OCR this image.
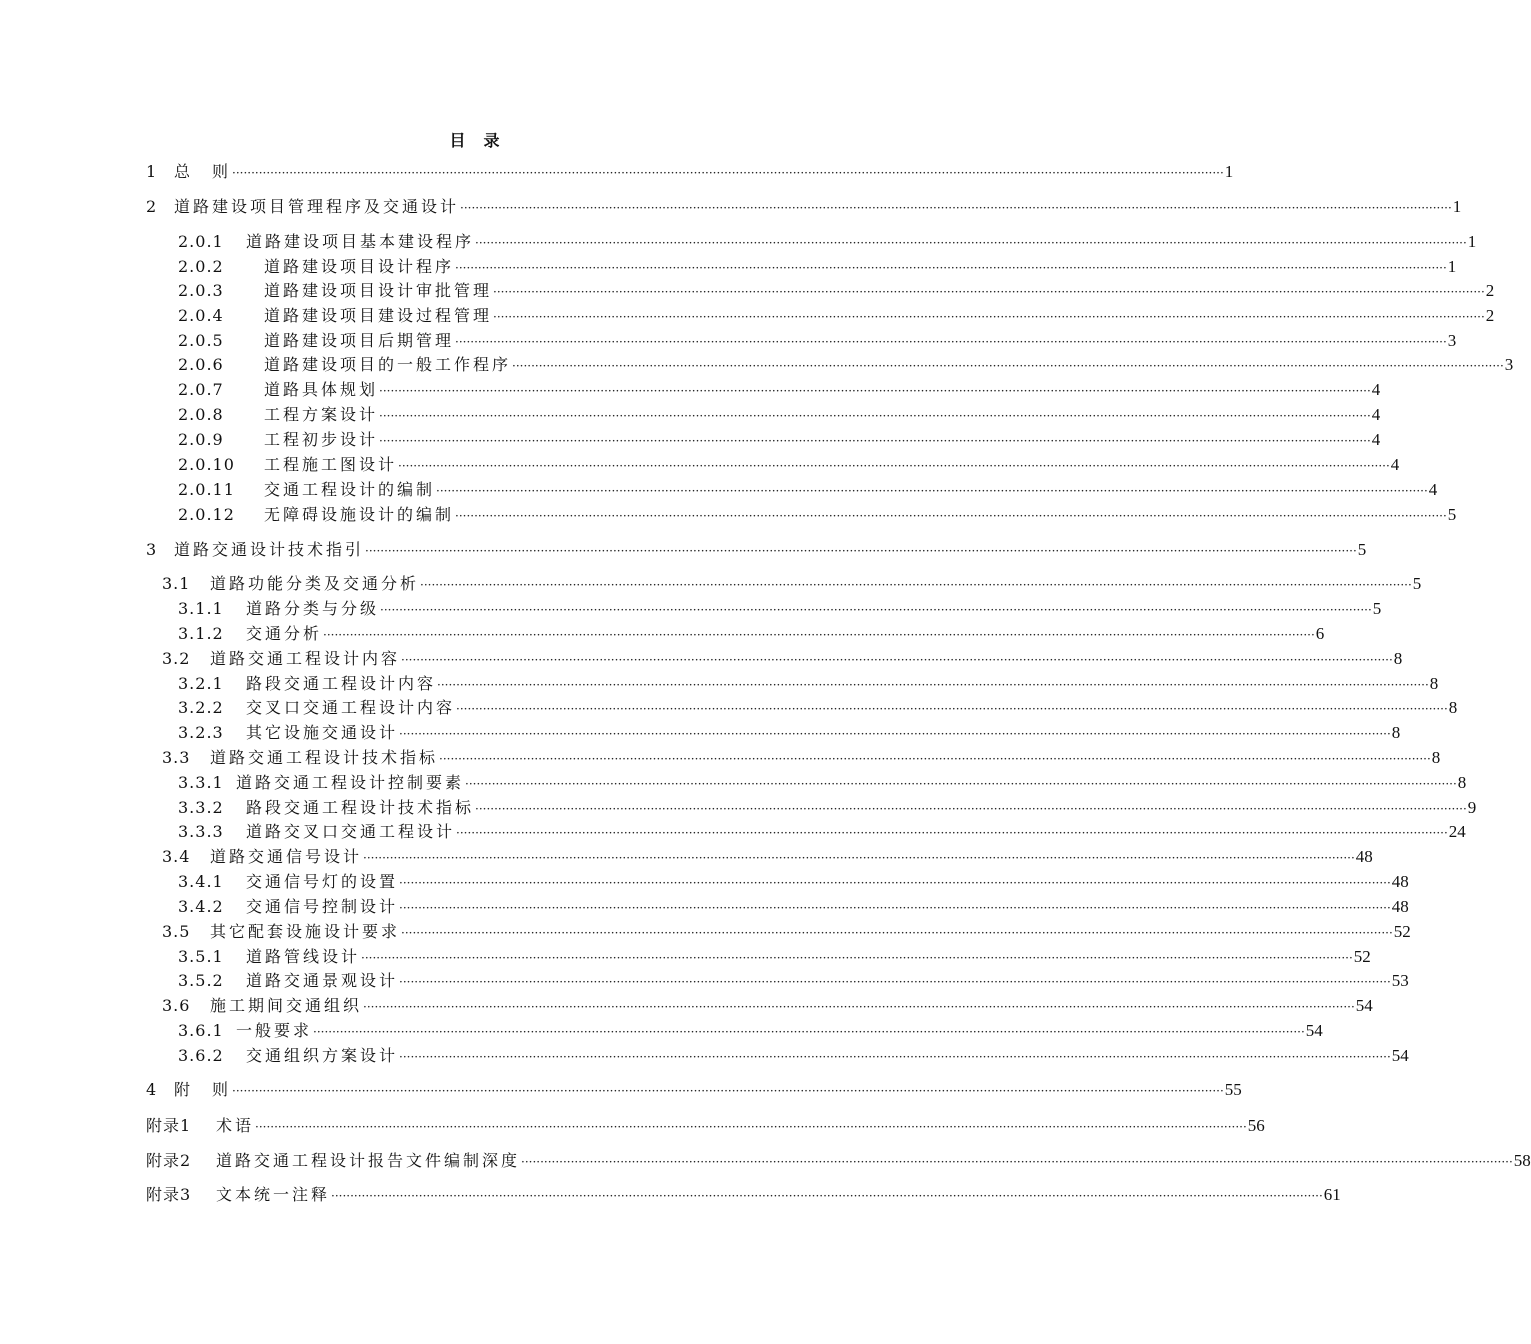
目　录
1	总　则 ···································································································································································································································································· 1
2	道路建设项目管理程序及交通设计 ···································································································································································································································································· 1
2.0.1	道路建设项目基本建设程序 ···································································································································································································································································· 1
2.0.2	道路建设项目设计程序 ···································································································································································································································································· 1
2.0.3	道路建设项目设计审批管理 ···································································································································································································································································· 2
2.0.4	道路建设项目建设过程管理 ···································································································································································································································································· 2
2.0.5	道路建设项目后期管理 ···································································································································································································································································· 3
2.0.6	道路建设项目的一般工作程序 ···································································································································································································································································· 3
2.0.7	道路具体规划 ···································································································································································································································································· 4
2.0.8	工程方案设计 ···································································································································································································································································· 4
2.0.9	工程初步设计 ···································································································································································································································································· 4
2.0.10	工程施工图设计 ···································································································································································································································································· 4
2.0.11	交通工程设计的编制 ···································································································································································································································································· 4
2.0.12	无障碍设施设计的编制 ···································································································································································································································································· 5
3	道路交通设计技术指引 ···································································································································································································································································· 5
3.1	道路功能分类及交通分析 ···································································································································································································································································· 5
3.1.1	道路分类与分级 ···································································································································································································································································· 5
3.1.2	交通分析 ···································································································································································································································································· 6
3.2	道路交通工程设计内容 ···································································································································································································································································· 8
3.2.1	路段交通工程设计内容 ···································································································································································································································································· 8
3.2.2	交叉口交通工程设计内容 ···································································································································································································································································· 8
3.2.3	其它设施交通设计 ···································································································································································································································································· 8
3.3	道路交通工程设计技术指标 ···································································································································································································································································· 8
3.3.1 道路交通工程设计控制要素 ···································································································································································································································································· 8
3.3.2	路段交通工程设计技术指标 ···································································································································································································································································· 9
3.3.3	道路交叉口交通工程设计 ···································································································································································································································································· 24
3.4	道路交通信号设计 ···································································································································································································································································· 48
3.4.1	交通信号灯的设置 ···································································································································································································································································· 48
3.4.2	交通信号控制设计 ···································································································································································································································································· 48
3.5	其它配套设施设计要求 ···································································································································································································································································· 52
3.5.1	道路管线设计 ···································································································································································································································································· 52
3.5.2	道路交通景观设计 ···································································································································································································································································· 53
3.6	施工期间交通组织 ···································································································································································································································································· 54
3.6.1 一般要求 ···································································································································································································································································· 54
3.6.2	交通组织方案设计 ···································································································································································································································································· 54
4	附　则 ···································································································································································································································································· 55
附录1	术语 ···································································································································································································································································· 56
附录2	道路交通工程设计报告文件编制深度 ···································································································································································································································································· 58
附录3	文本统一注释 ···································································································································································································································································· 61
